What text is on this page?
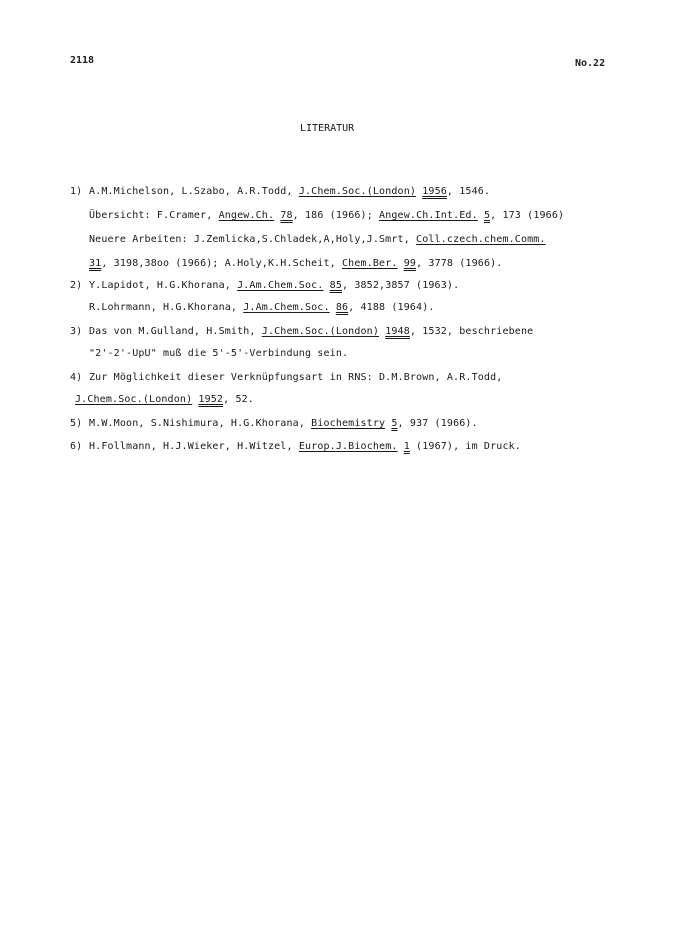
2118	No.22
LITERATUR
1) A.M.Michelson, L.Szabo, A.R.Todd, J.Chem.Soc.(London) 1956, 1546.
Übersicht: F.Cramer, Angew.Ch. 78, 186 (1966); Angew.Ch.Int.Ed. 5, 173 (1966)
Neuere Arbeiten: J.Zemlicka,S.Chladek,A,Holy,J.Smrt, Coll.czech.chem.Comm.
31, 3198,38oo (1966); A.Holy,K.H.Scheit, Chem.Ber. 99, 3778 (1966).
2) Y.Lapidot, H.G.Khorana, J.Am.Chem.Soc. 85, 3852,3857 (1963).
R.Lohrmann, H.G.Khorana, J.Am.Chem.Soc. 86, 4188 (1964).
3) Das von M.Gulland, H.Smith, J.Chem.Soc.(London) 1948, 1532, beschriebene
"2'-2'-UpU" muß die 5'-5'-Verbindung sein.
4) Zur Möglichkeit dieser Verknüpfungsart in RNS: D.M.Brown, A.R.Todd,
J.Chem.Soc.(London) 1952, 52.
5) M.W.Moon, S.Nishimura, H.G.Khorana, Biochemistry 5, 937 (1966).
6) H.Follmann, H.J.Wieker, H.Witzel, Europ.J.Biochem. 1 (1967), im Druck.
